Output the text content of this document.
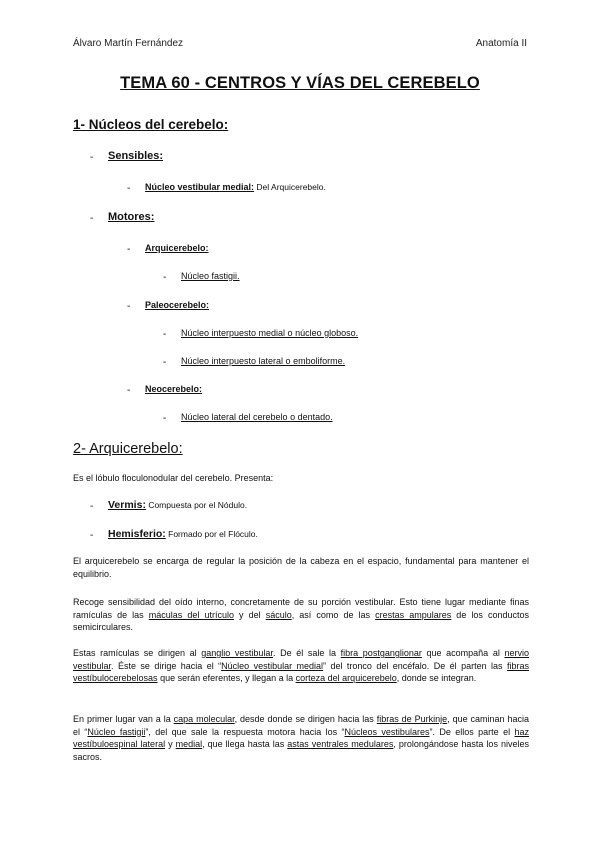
Álvaro Martín Fernández	Anatomía II
TEMA 60 - CENTROS Y VÍAS DEL CEREBELO
1- Núcleos del cerebelo:
- Sensibles:
- Núcleo vestibular medial: Del Arquicerebelo.
- Motores:
- Arquicerebelo:
- Núcleo fastigii.
- Paleocerebelo:
- Núcleo interpuesto medial o núcleo globoso.
- Núcleo interpuesto lateral o emboliforme.
- Neocerebelo:
- Núcleo lateral del cerebelo o dentado.
2- Arquicerebelo:
Es el lóbulo floculonodular del cerebelo. Presenta:
- Vermis: Compuesta por el Nódulo.
- Hemisferio: Formado por el Flóculo.
El arquicerebelo se encarga de regular la posición de la cabeza en el espacio, fundamental para mantener el equilibrio.
Recoge sensibilidad del oído interno, concretamente de su porción vestibular. Esto tiene lugar mediante finas ramículas de las máculas del utrículo y del sáculo, así como de las crestas ampulares de los conductos semicirculares.
Estas ramículas se dirigen al ganglio vestibular. De él sale la fibra postganglionar que acompaña al nervio vestibular. Éste se dirige hacia el “Núcleo vestibular medial” del tronco del encéfalo. De él parten las fibras vestíbulocerebelosas que serán eferentes, y llegan a la corteza del arquicerebelo, donde se integran.
En primer lugar van a la capa molecular, desde donde se dirigen hacia las fibras de Purkinje, que caminan hacia el “Núcleo fastigii”, del que sale la respuesta motora hacia los “Núcleos vestibulares”. De ellos parte el haz vestíbuloespinal lateral y medial, que llega hasta las astas ventrales medulares, prolongándose hasta los niveles sacros.
